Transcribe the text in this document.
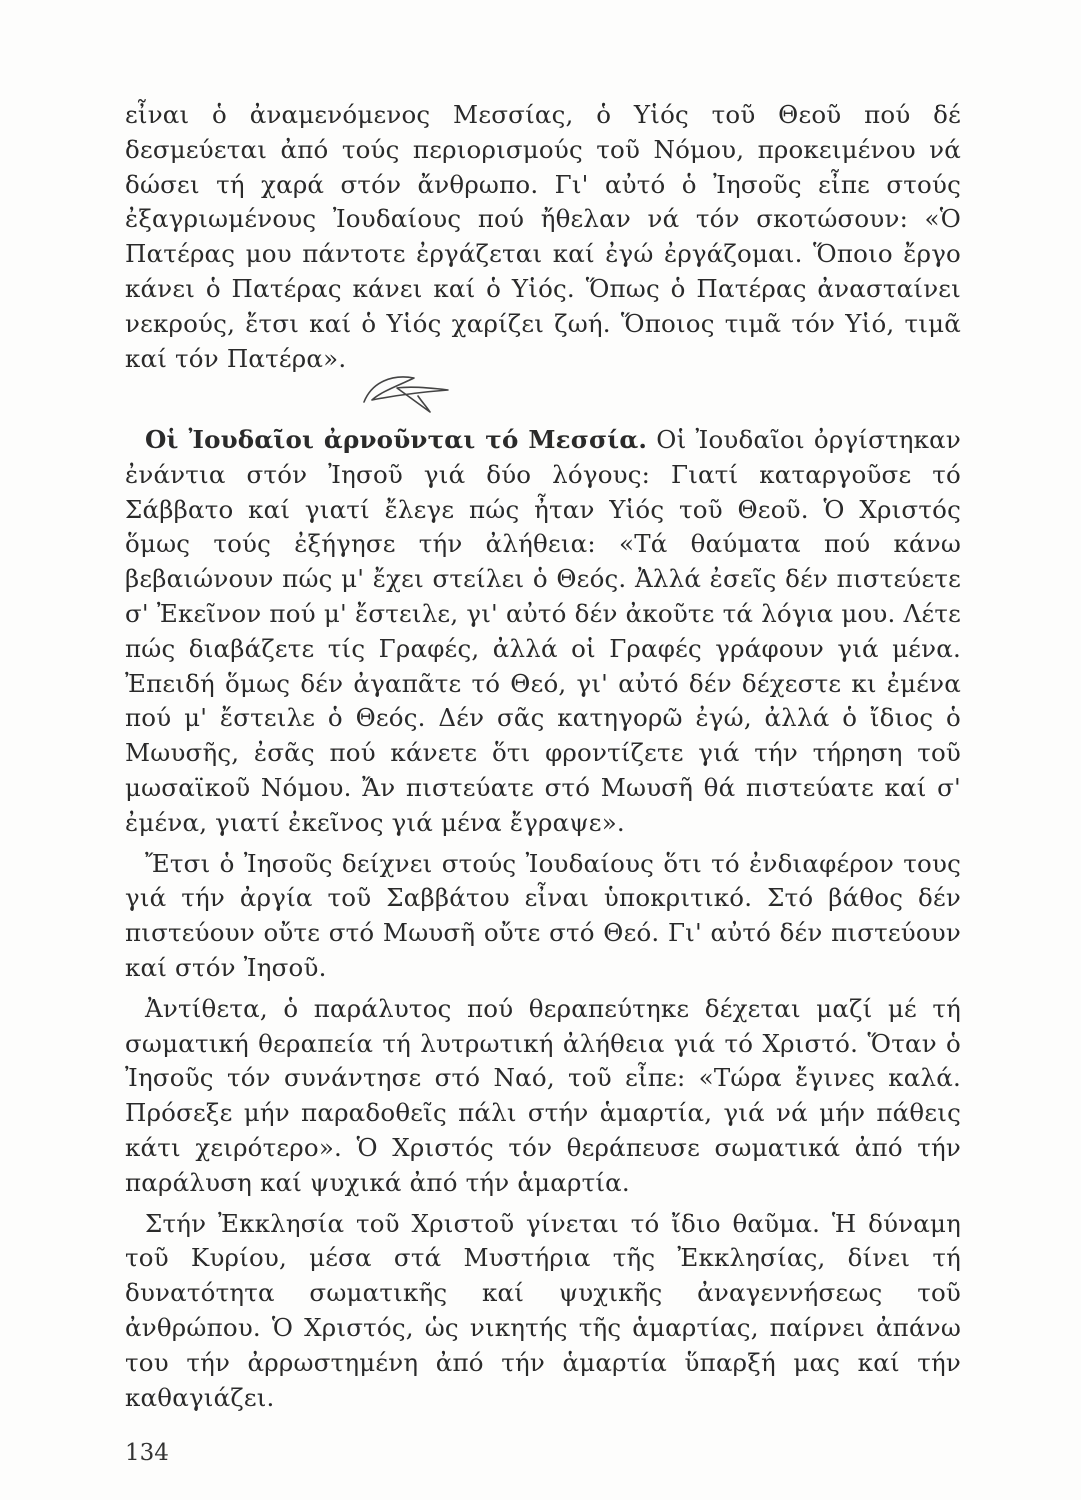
εἶναι ὁ ἀναμενόμενος Μεσσίας, ὁ Υἱός τοῦ Θεοῦ πού δέ δεσμεύεται ἀπό τούς περιορισμούς τοῦ Νόμου, προκειμένου νά δώσει τή χαρά στόν ἄνθρωπο. Γι' αὐτό ὁ Ἰησοῦς εἶπε στούς ἐξαγριωμένους Ἰουδαίους πού ἤθελαν νά τόν σκοτώσουν: «Ὁ Πατέρας μου πάντοτε ἐργάζεται καί ἐγώ ἐργάζομαι. Ὅποιο ἔργο κάνει ὁ Πατέρας κάνει καί ὁ Υἱός. Ὅπως ὁ Πατέρας ἀνασταίνει νεκρούς, ἔτσι καί ὁ Υἱός χαρίζει ζωή. Ὅποιος τιμᾶ τόν Υἱό, τιμᾶ καί τόν Πατέρα».

Οἱ Ἰουδαῖοι ἀρνοῦνται τό Μεσσία. Οἱ Ἰουδαῖοι ὀργίστηκαν ἐνάντια στόν Ἰησοῦ γιά δύο λόγους: Γιατί καταργοῦσε τό Σάββατο καί γιατί ἔλεγε πώς ἦταν Υἱός τοῦ Θεοῦ. Ὁ Χριστός ὅμως τούς ἐξήγησε τήν ἀλήθεια: «Τά θαύματα πού κάνω βεβαιώνουν πώς μ' ἔχει στείλει ὁ Θεός. Ἀλλά ἐσεῖς δέν πιστεύετε σ' Ἐκεῖνον πού μ' ἔστειλε, γι' αὐτό δέν ἀκοῦτε τά λόγια μου. Λέτε πώς διαβάζετε τίς Γραφές, ἀλλά οἱ Γραφές γράφουν γιά μένα. Ἐπειδή ὅμως δέν ἀγαπᾶτε τό Θεό, γι' αὐτό δέν δέχεστε κι ἐμένα πού μ' ἔστειλε ὁ Θεός. Δέν σᾶς κατηγορῶ ἐγώ, ἀλλά ὁ ἴδιος ὁ Μωυσῆς, ἐσᾶς πού κάνετε ὅτι φροντίζετε γιά τήν τήρηση τοῦ μωσαϊκοῦ Νόμου. Ἄν πιστεύατε στό Μωυσῆ θά πιστεύατε καί σ' ἐμένα, γιατί ἐκεῖνος γιά μένα ἔγραψε».

Ἔτσι ὁ Ἰησοῦς δείχνει στούς Ἰουδαίους ὅτι τό ἐνδιαφέρον τους γιά τήν ἀργία τοῦ Σαββάτου εἶναι ὑποκριτικό. Στό βάθος δέν πιστεύουν οὔτε στό Μωυσῆ οὔτε στό Θεό. Γι' αὐτό δέν πιστεύουν καί στόν Ἰησοῦ.

Ἀντίθετα, ὁ παράλυτος πού θεραπεύτηκε δέχεται μαζί μέ τή σωματική θεραπεία τή λυτρωτική ἀλήθεια γιά τό Χριστό. Ὅταν ὁ Ἰησοῦς τόν συνάντησε στό Ναό, τοῦ εἶπε: «Τώρα ἔγινες καλά. Πρόσεξε μήν παραδοθεῖς πάλι στήν ἁμαρτία, γιά νά μήν πάθεις κάτι χειρότερο». Ὁ Χριστός τόν θεράπευσε σωματικά ἀπό τήν παράλυση καί ψυχικά ἀπό τήν ἁμαρτία.

Στήν Ἐκκλησία τοῦ Χριστοῦ γίνεται τό ἴδιο θαῦμα. Ἡ δύναμη τοῦ Κυρίου, μέσα στά Μυστήρια τῆς Ἐκκλησίας, δίνει τή δυνατότητα σωματικῆς καί ψυχικῆς ἀναγεννήσεως τοῦ ἀνθρώπου. Ὁ Χριστός, ὡς νικητής τῆς ἁμαρτίας, παίρνει ἀπάνω του τήν ἀρρωστημένη ἀπό τήν ἁμαρτία ὕπαρξή μας καί τήν καθαγιάζει.

134
